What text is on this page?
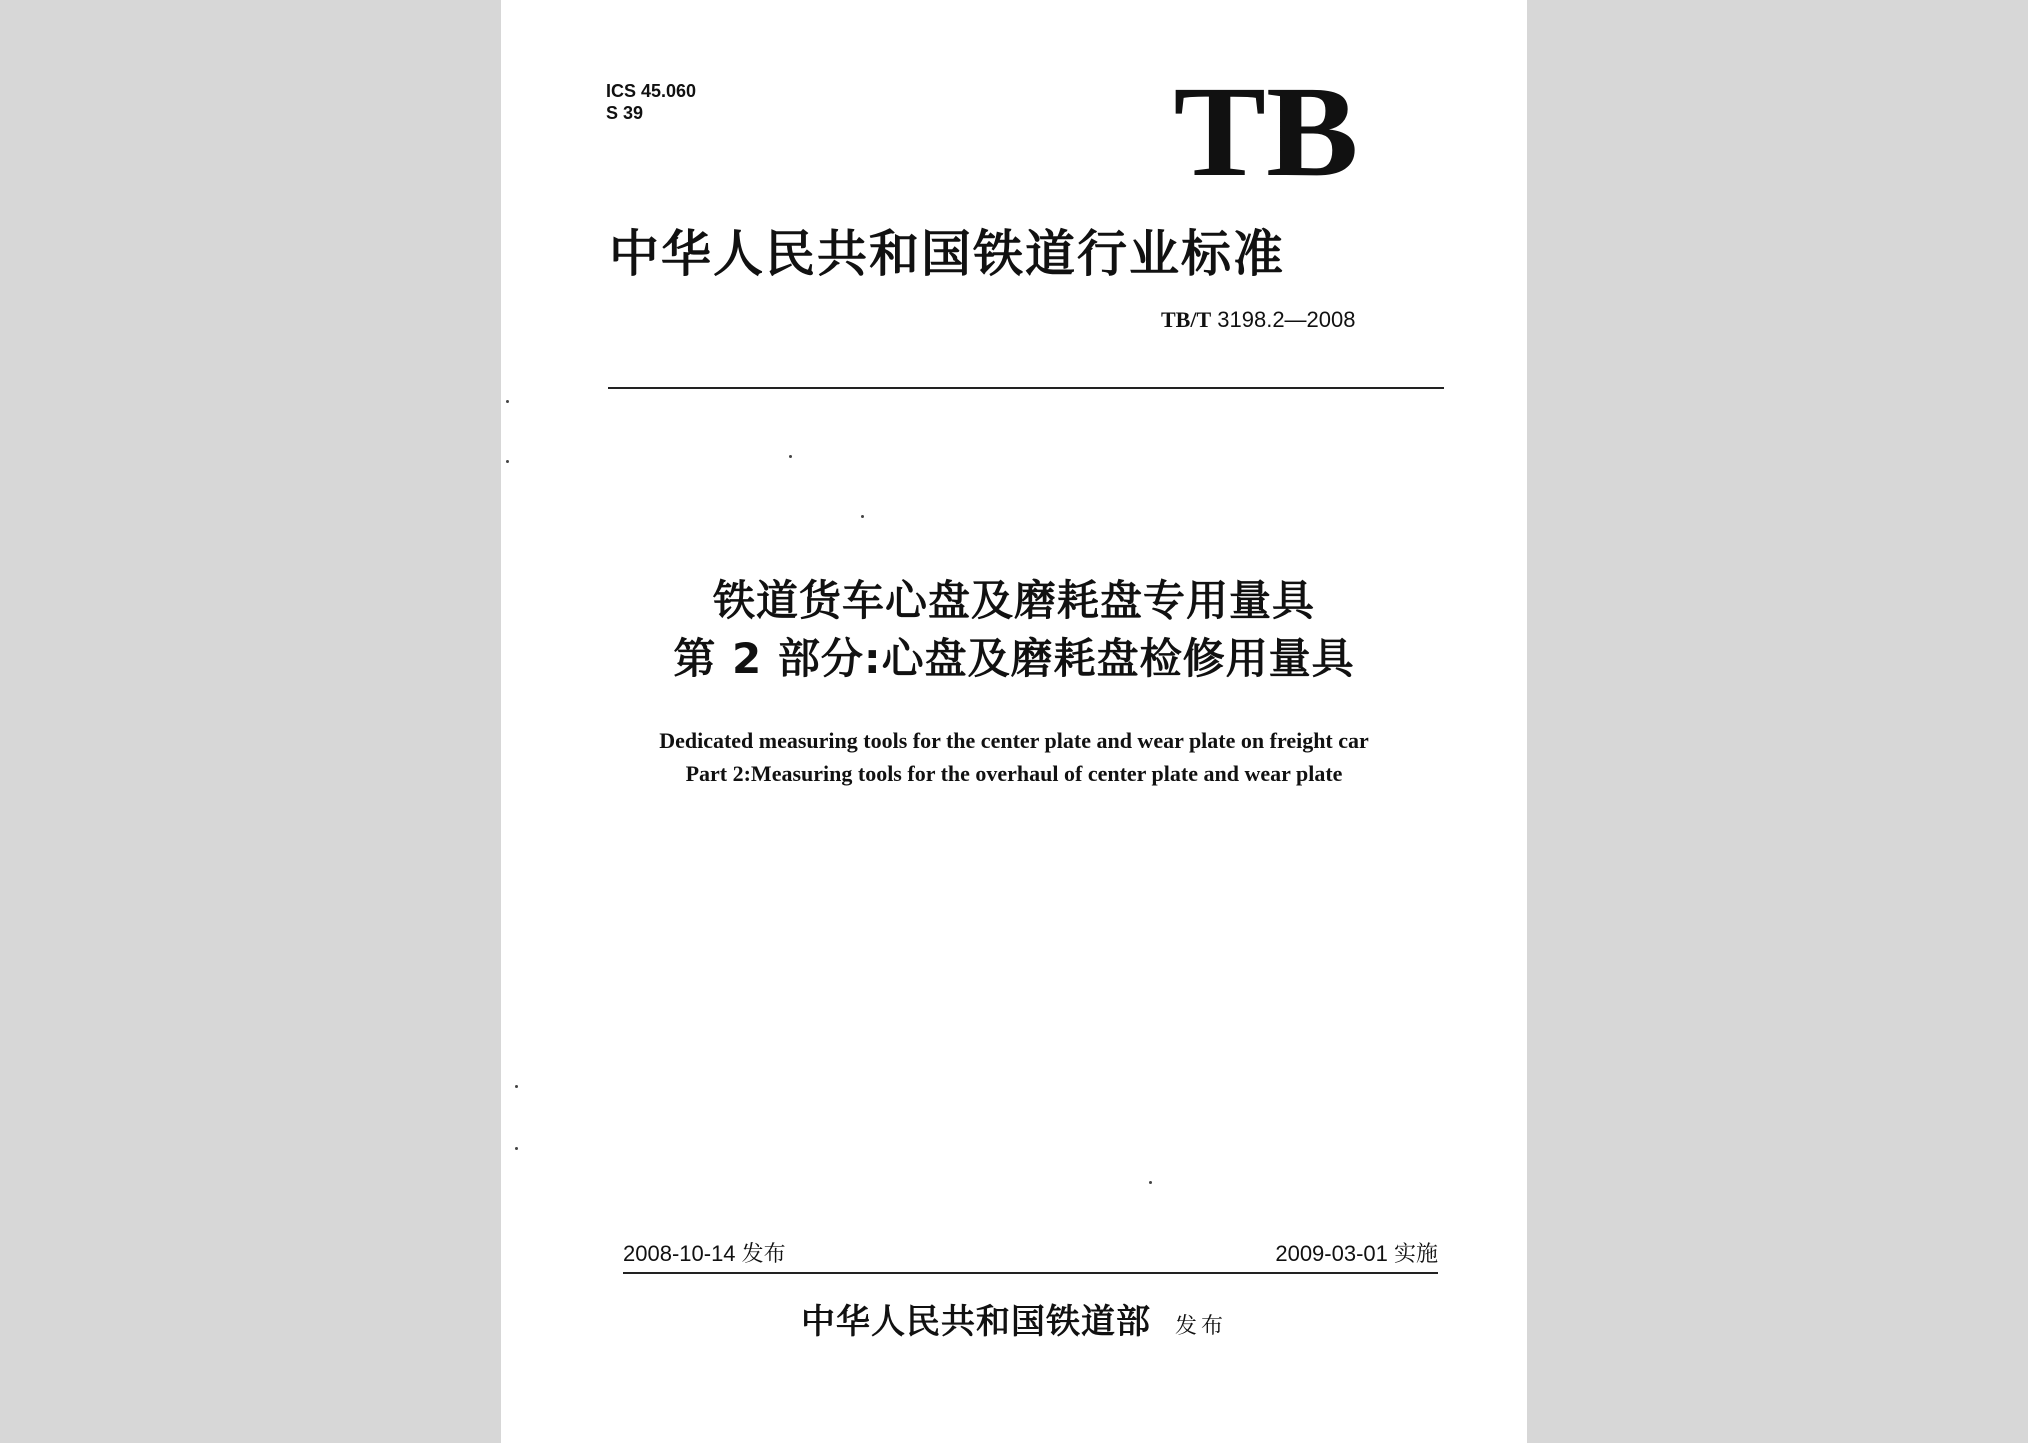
ICS 45.060
S 39	TB
中华人民共和国铁道行业标准
TB/T 3198.2—2008
铁道货车心盘及磨耗盘专用量具
第 2 部分:心盘及磨耗盘检修用量具
Dedicated measuring tools for the center plate and wear plate on freight car
Part 2:Measuring tools for the overhaul of center plate and wear plate
2008-10-14 发布	2009-03-01 实施
中华人民共和国铁道部 发布
